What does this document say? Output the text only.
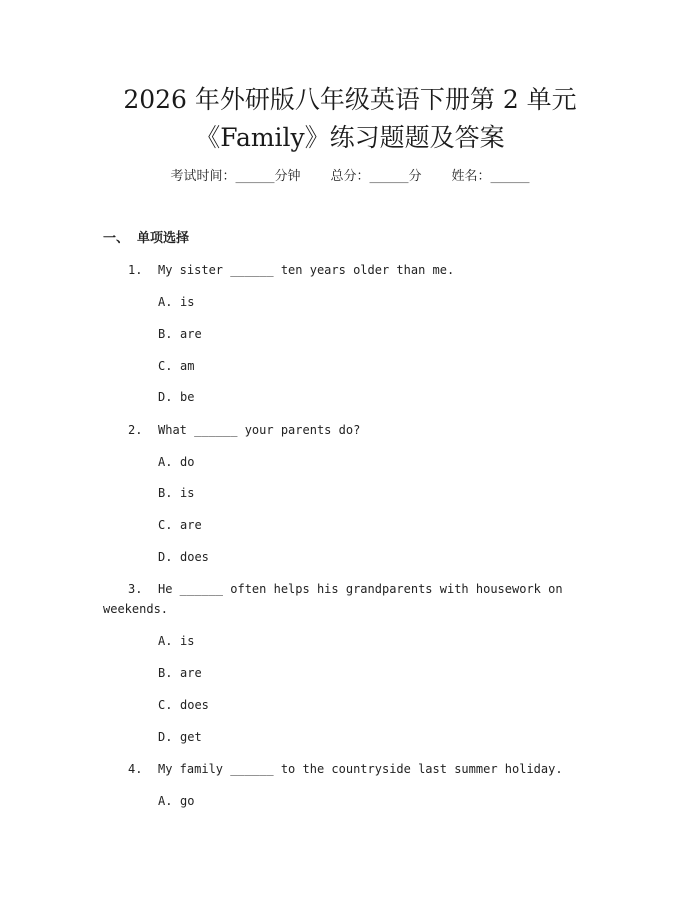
2026 年外研版八年级英语下册第 2 单元
《Family》练习题题及答案
考试时间：______分钟 总分：______分 姓名：______
一、 单项选择
1. My sister ______ ten years older than me.
A. is
B. are
C. am
D. be
2. What ______ your parents do?
A. do
B. is
C. are
D. does
3. He ______ often helps his grandparents with housework on
weekends.
A. is
B. are
C. does
D. get
4. My family ______ to the countryside last summer holiday.
A. go
